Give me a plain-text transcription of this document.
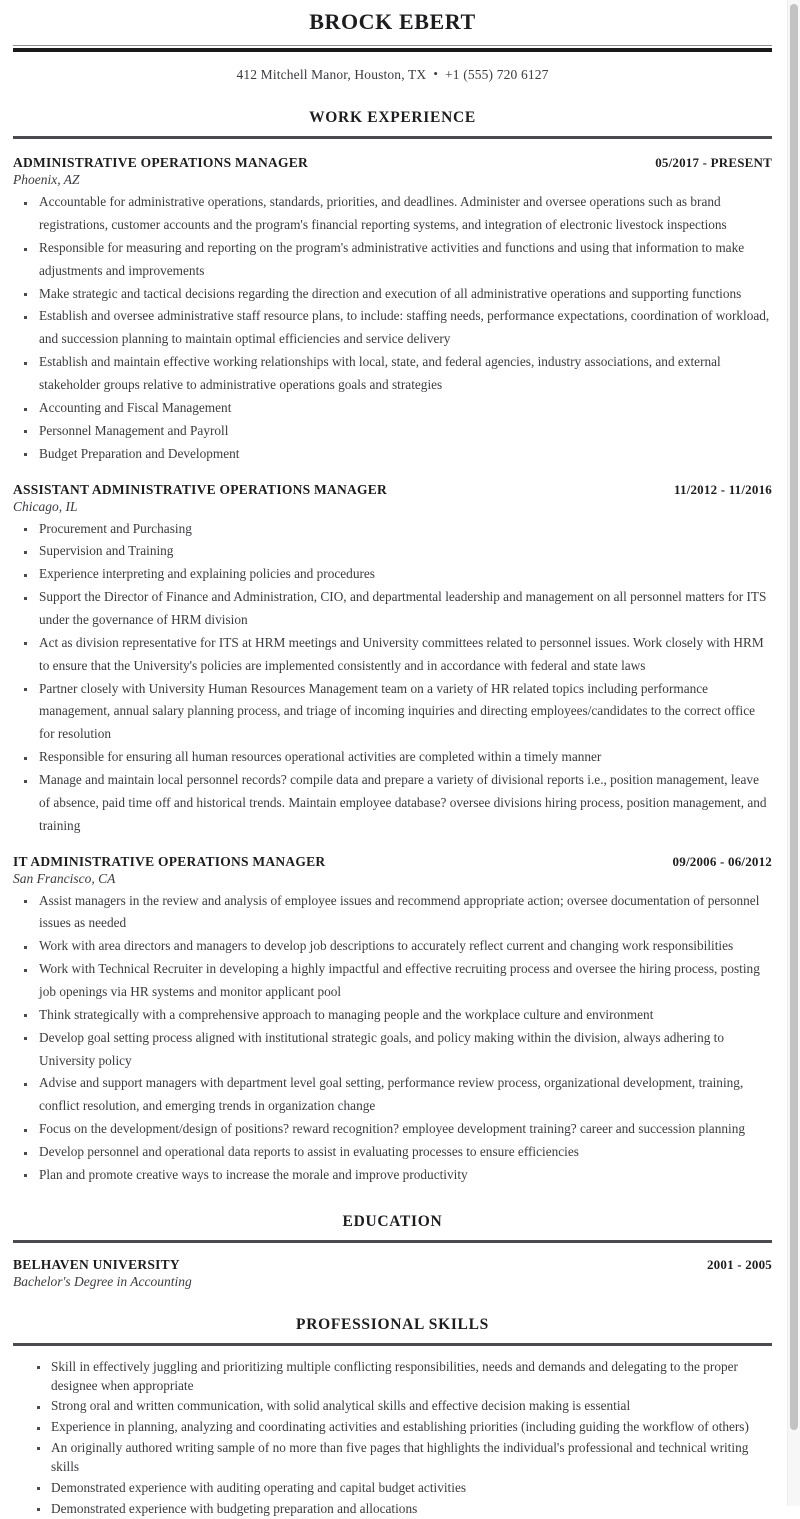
BROCK EBERT
412 Mitchell Manor, Houston, TX • +1 (555) 720 6127
WORK EXPERIENCE
ADMINISTRATIVE OPERATIONS MANAGER	05/2017 - PRESENT
Phoenix, AZ
Accountable for administrative operations, standards, priorities, and deadlines. Administer and oversee operations such as brand registrations, customer accounts and the program's financial reporting systems, and integration of electronic livestock inspections
Responsible for measuring and reporting on the program's administrative activities and functions and using that information to make adjustments and improvements
Make strategic and tactical decisions regarding the direction and execution of all administrative operations and supporting functions
Establish and oversee administrative staff resource plans, to include: staffing needs, performance expectations, coordination of workload, and succession planning to maintain optimal efficiencies and service delivery
Establish and maintain effective working relationships with local, state, and federal agencies, industry associations, and external stakeholder groups relative to administrative operations goals and strategies
Accounting and Fiscal Management
Personnel Management and Payroll
Budget Preparation and Development
ASSISTANT ADMINISTRATIVE OPERATIONS MANAGER	11/2012 - 11/2016
Chicago, IL
Procurement and Purchasing
Supervision and Training
Experience interpreting and explaining policies and procedures
Support the Director of Finance and Administration, CIO, and departmental leadership and management on all personnel matters for ITS under the governance of HRM division
Act as division representative for ITS at HRM meetings and University committees related to personnel issues. Work closely with HRM to ensure that the University's policies are implemented consistently and in accordance with federal and state laws
Partner closely with University Human Resources Management team on a variety of HR related topics including performance management, annual salary planning process, and triage of incoming inquiries and directing employees/candidates to the correct office for resolution
Responsible for ensuring all human resources operational activities are completed within a timely manner
Manage and maintain local personnel records? compile data and prepare a variety of divisional reports i.e., position management, leave of absence, paid time off and historical trends. Maintain employee database? oversee divisions hiring process, position management, and training
IT ADMINISTRATIVE OPERATIONS MANAGER	09/2006 - 06/2012
San Francisco, CA
Assist managers in the review and analysis of employee issues and recommend appropriate action; oversee documentation of personnel issues as needed
Work with area directors and managers to develop job descriptions to accurately reflect current and changing work responsibilities
Work with Technical Recruiter in developing a highly impactful and effective recruiting process and oversee the hiring process, posting job openings via HR systems and monitor applicant pool
Think strategically with a comprehensive approach to managing people and the workplace culture and environment
Develop goal setting process aligned with institutional strategic goals, and policy making within the division, always adhering to University policy
Advise and support managers with department level goal setting, performance review process, organizational development, training, conflict resolution, and emerging trends in organization change
Focus on the development/design of positions? reward recognition? employee development training? career and succession planning
Develop personnel and operational data reports to assist in evaluating processes to ensure efficiencies
Plan and promote creative ways to increase the morale and improve productivity
EDUCATION
BELHAVEN UNIVERSITY	2001 - 2005
Bachelor's Degree in Accounting
PROFESSIONAL SKILLS
Skill in effectively juggling and prioritizing multiple conflicting responsibilities, needs and demands and delegating to the proper designee when appropriate
Strong oral and written communication, with solid analytical skills and effective decision making is essential
Experience in planning, analyzing and coordinating activities and establishing priorities (including guiding the workflow of others)
An originally authored writing sample of no more than five pages that highlights the individual's professional and technical writing skills
Demonstrated experience with auditing operating and capital budget activities
Demonstrated experience with budgeting preparation and allocations
